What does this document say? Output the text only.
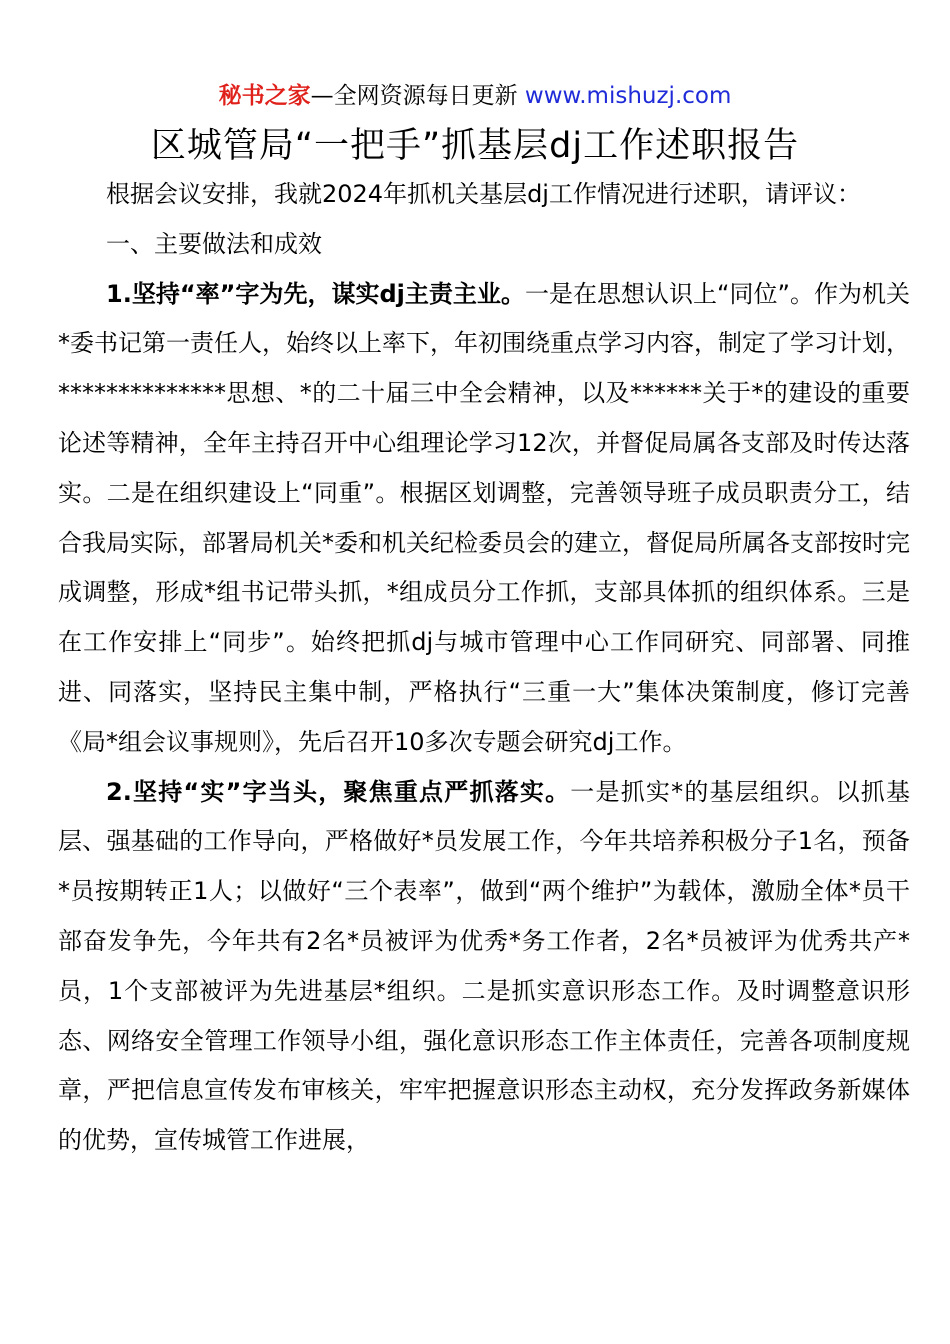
秘书之家—全网资源每日更新 www.mishuzj.com
区城管局“一把手”抓基层dj工作述职报告

根据会议安排，我就2024年抓机关基层dj工作情况进行述职，请评议：

一、主要做法和成效

1.坚持“率”字为先，谋实dj主责主业。一是在思想认识上“同位”。作为机关*委书记第一责任人，始终以上率下，年初围绕重点学习内容，制定了学习计划，**************思想、*的二十届三中全会精神，以及******关于*的建设的重要论述等精神，全年主持召开中心组理论学习12次，并督促局属各支部及时传达落实。二是在组织建设上“同重”。根据区划调整，完善领导班子成员职责分工，结合我局实际，部署局机关*委和机关纪检委员会的建立，督促局所属各支部按时完成调整，形成*组书记带头抓，*组成员分工作抓，支部具体抓的组织体系。三是在工作安排上“同步”。始终把抓dj与城市管理中心工作同研究、同部署、同推进、同落实，坚持民主集中制，严格执行“三重一大”集体决策制度，修订完善《局*组会议事规则》，先后召开10多次专题会研究dj工作。

2.坚持“实”字当头，聚焦重点严抓落实。一是抓实*的基层组织。以抓基层、强基础的工作导向，严格做好*员发展工作，今年共培养积极分子1名，预备*员按期转正1人；以做好“三个表率”，做到“两个维护”为载体，激励全体*员干部奋发争先，今年共有2名*员被评为优秀*务工作者，2名*员被评为优秀共产*员，1个支部被评为先进基层*组织。二是抓实意识形态工作。及时调整意识形态、网络安全管理工作领导小组，强化意识形态工作主体责任，完善各项制度规章，严把信息宣传发布审核关，牢牢把握意识形态主动权，充分发挥政务新媒体的优势，宣传城管工作进展，
